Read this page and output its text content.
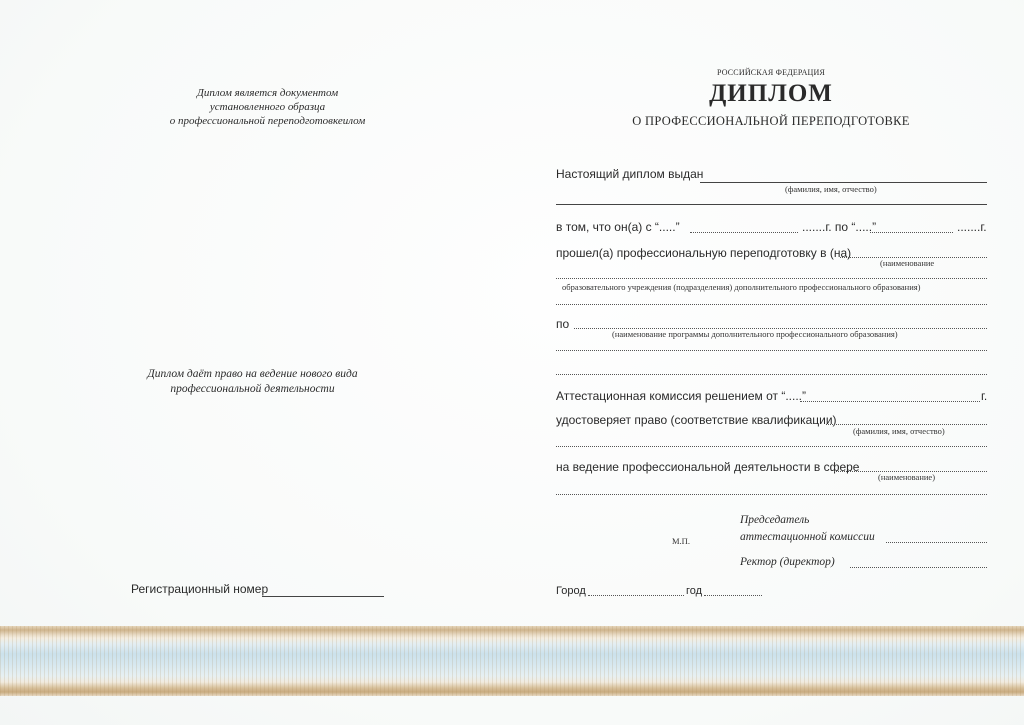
Диплом является документом
установленного образца
о профессиональной переподготовкеилом
Диплом даёт право на ведение нового вида
профессиональной деятельности
Регистрационный номер
РОССИЙСКАЯ ФЕДЕРАЦИЯ
ДИПЛОМ
О ПРОФЕССИОНАЛЬНОЙ ПЕРЕПОДГОТОВКЕ
Настоящий диплом выдан
(фамилия, имя, отчество)
в том, что он(а) с “.....”	.......г. по “.....”	.......г.
прошел(а) профессиональную переподготовку в (на)
(наименование
образовательного учреждения (подразделения) дополнительного профессионального образования)
по
(наименование программы дополнительного профессионального образования)
Аттестационная комиссия решением от “.....”	г.
удостоверяет право (соответствие квалификации)
(фамилия, имя, отчество)
на ведение профессиональной деятельности в сфере
(наименование)
М.П.
Председатель
аттестационной комиссии
Ректор (директор)
Город	год
